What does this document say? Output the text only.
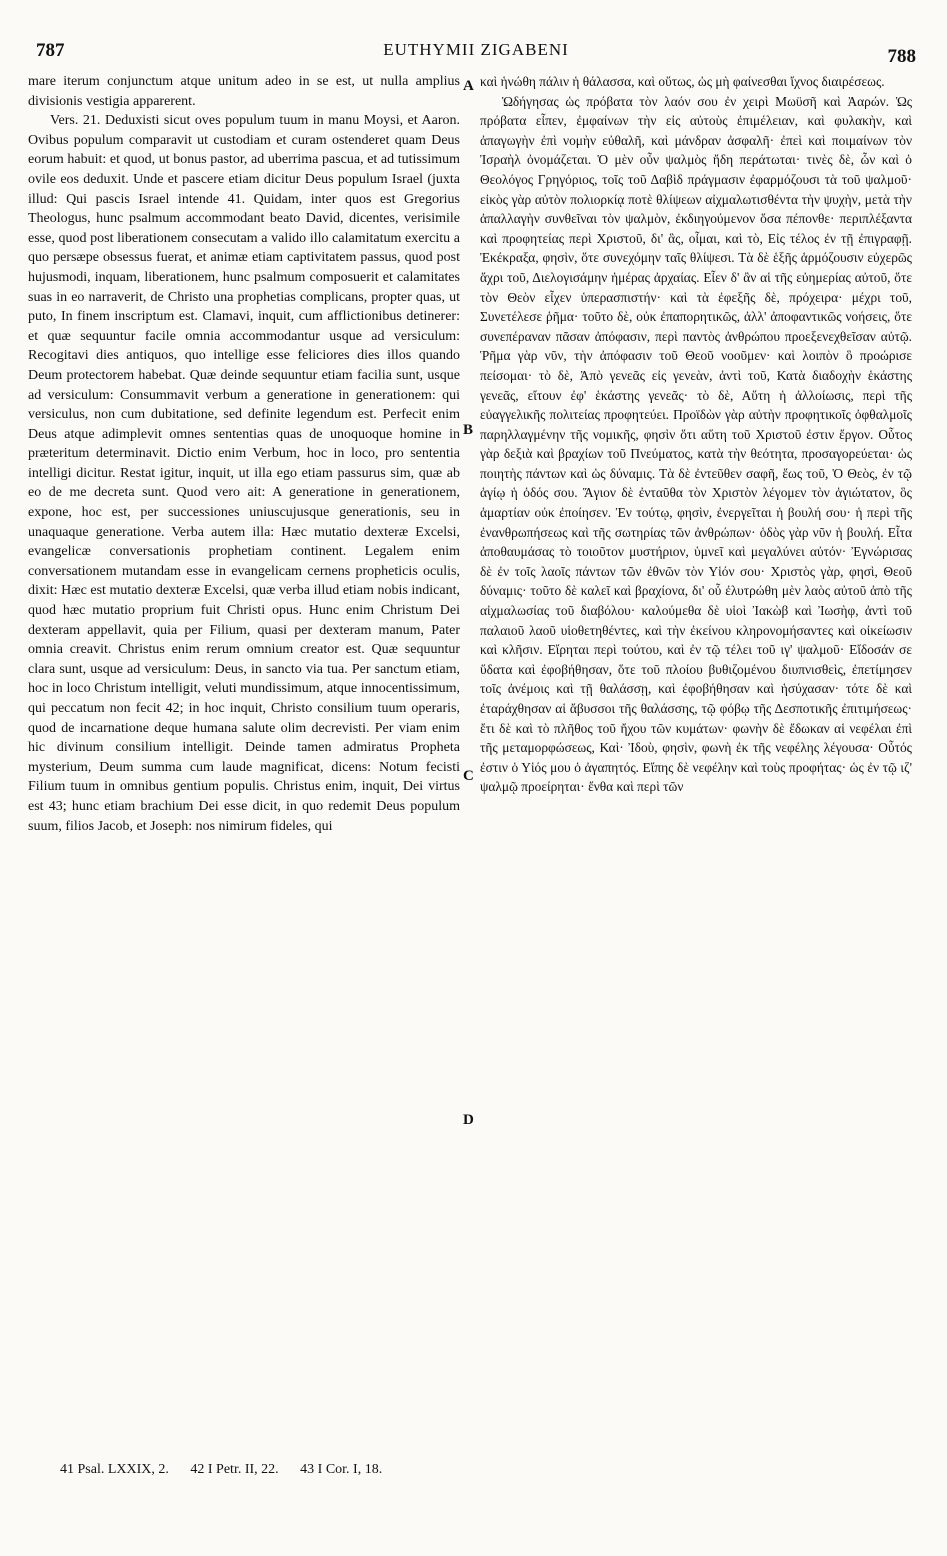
787	EUTHYMII ZIGABENI	788

mare iterum conjunctum atque unitum adeo in se est, ut nulla amplius divisionis vestigia apparerent.

Vers. 21. Deduxisti sicut oves populum tuum in manu Moysi, et Aaron. Ovibus populum comparavit ut custodiam et curam ostenderet quam Deus eorum habuit: et quod, ut bonus pastor, ad uberrima pascua, et ad tutissimum ovile eos deduxit. Unde et pascere etiam dicitur Deus populum Israel (juxta illud: Qui pascis Israel intende 41. Quidam, inter quos est Gregorius Theologus, hunc psalmum accommodant beato David, dicentes, verisimile esse, quod post liberationem consecutam a valido illo calamitatum exercitu a quo persæpe obsessus fuerat, et animæ etiam captivitatem passus, quod post hujusmodi, inquam, liberationem, hunc psalmum composuerit et calamitates suas in eo narraverit, de Christo una prophetias complicans, propter quas, ut puto, In finem inscriptum est. Clamavi, inquit, cum afflictionibus detinerer: et quæ sequuntur facile omnia accommodantur usque ad versiculum: Recogitavi dies antiquos, quo intellige esse feliciores dies illos quando Deum protectorem habebat. Quæ deinde sequuntur etiam facilia sunt, usque ad versiculum: Consummavit verbum a generatione in generationem: qui versiculus, non cum dubitatione, sed definite legendum est. Perfecit enim Deus atque adimplevit omnes sententias quas de unoquoque homine in præteritum determinavit. Dictio enim Verbum, hoc in loco, pro sententia intelligi dicitur. Restat igitur, inquit, ut illa ego etiam passurus sim, quæ ab eo de me decreta sunt. Quod vero ait: A generatione in generationem, expone, hoc est, per successiones uniuscujusque generationis, seu in unaquaque generatione. Verba autem illa: Hæc mutatio dexteræ Excelsi, evangelicæ conversationis prophetiam continent. Legalem enim conversationem mutandam esse in evangelicam cernens propheticis oculis, dixit: Hæc est mutatio dexteræ Excelsi, quæ verba illud etiam nobis indicant, quod hæc mutatio proprium fuit Christi opus. Hunc enim Christum Dei dexteram appellavit, quia per Filium, quasi per dexteram manum, Pater omnia creavit. Christus enim rerum omnium creator est. Quæ sequuntur clara sunt, usque ad versiculum: Deus, in sancto via tua. Per sanctum etiam, hoc in loco Christum intelligit, veluti mundissimum, atque innocentissimum, qui peccatum non fecit 42; in hoc inquit, Christo consilium tuum operaris, quod de incarnatione deque humana salute olim decrevisti. Per viam enim hic divinum consilium intelligit. Deinde tamen admiratus Propheta mysterium, Deum summa cum laude magnificat, dicens: Notum fecisti Filium tuum in omnibus gentium populis. Christus enim, inquit, Dei virtus est 43; hunc etiam brachium Dei esse dicit, in quo redemit Deus populum suum, filios Jacob, et Joseph: nos nimirum fideles, qui

A
B
C
D

καὶ ἡνώθη πάλιν ἡ θάλασσα, καὶ οὕτως, ὡς μὴ φαίνεσθαι ἴχνος διαιρέσεως.

Ὡδήγησας ὡς πρόβατα τὸν λαόν σου ἐν χειρὶ Μωϋσῆ καὶ Ἀαρών. Ὡς πρόβατα εἶπεν, ἐμφαίνων τὴν εἰς αὐτοὺς ἐπιμέλειαν, καὶ φυλακὴν, καὶ ἀπαγωγὴν ἐπὶ νομὴν εὐθαλῆ, καὶ μάνδραν ἀσφαλῆ· ἐπεὶ καὶ ποιμαίνων τὸν Ἰσραὴλ ὀνομάζεται. Ὁ μὲν οὖν ψαλμὸς ἤδη περάτωται· τινὲς δὲ, ὧν καὶ ὁ Θεολόγος Γρηγόριος, τοῖς τοῦ Δαβὶδ πράγμασιν ἐφαρμόζουσι τὰ τοῦ ψαλμοῦ· εἰκὸς γὰρ αὐτὸν πολιορκίᾳ ποτὲ θλίψεων αἰχμαλωτισθέντα τὴν ψυχὴν, μετὰ τὴν ἀπαλλαγὴν συνθεῖναι τὸν ψαλμὸν, ἐκδιηγούμενον ὅσα πέπονθε· περιπλέξαντα καὶ προφητείας περὶ Χριστοῦ, δι' ἃς, οἶμαι, καὶ τὸ, Εἰς τέλος ἐν τῇ ἐπιγραφῇ. Ἐκέκραξα, φησὶν, ὅτε συνεχόμην ταῖς θλίψεσι. Τὰ δὲ ἑξῆς ἁρμόζουσιν εὐχερῶς ἄχρι τοῦ, Διελογισάμην ἡμέρας ἀρχαίας. Εἶεν δ' ἂν αἱ τῆς εὐημερίας αὐτοῦ, ὅτε τὸν Θεὸν εἶχεν ὑπερασπιστήν· καὶ τὰ ἐφεξῆς δὲ, πρόχειρα· μέχρι τοῦ, Συνετέλεσε ῥῆμα· τοῦτο δὲ, οὐκ ἐπαπορητικῶς, ἀλλ' ἀποφαντικῶς νοήσεις, ὅτε συνεπέραναν πᾶσαν ἀπόφασιν, περὶ παντὸς ἀνθρώπου προεξενεχθεῖσαν αὐτῷ. Ῥῆμα γὰρ νῦν, τὴν ἀπόφασιν τοῦ Θεοῦ νοοῦμεν· καὶ λοιπὸν ὃ προώρισε πείσομαι· τὸ δὲ, Ἀπὸ γενεᾶς εἰς γενεὰν, ἀντὶ τοῦ, Κατὰ διαδοχὴν ἑκάστης γενεᾶς, εἴτουν ἐφ' ἑκάστης γενεᾶς· τὸ δὲ, Αὕτη ἡ ἀλλοίωσις, περὶ τῆς εὐαγγελικῆς πολιτείας προφητεύει. Προϊδὼν γὰρ αὐτὴν προφητικοῖς ὀφθαλμοῖς παρηλλαγμένην τῆς νομικῆς, φησὶν ὅτι αὕτη τοῦ Χριστοῦ ἐστιν ἔργον. Οὗτος γὰρ δεξιὰ καὶ βραχίων τοῦ Πνεύματος, κατὰ τὴν θεότητα, προσαγορεύεται· ὡς ποιητὴς πάντων καὶ ὡς δύναμις. Τὰ δὲ ἐντεῦθεν σαφῆ, ἕως τοῦ, Ὁ Θεὸς, ἐν τῷ ἁγίῳ ἡ ὁδός σου. Ἅγιον δὲ ἐνταῦθα τὸν Χριστὸν λέγομεν τὸν ἁγιώτατον, ὃς ἁμαρτίαν οὐκ ἐποίησεν. Ἐν τούτῳ, φησὶν, ἐνεργεῖται ἡ βουλή σου· ἡ περὶ τῆς ἐνανθρωπήσεως καὶ τῆς σωτηρίας τῶν ἀνθρώπων· ὁδὸς γὰρ νῦν ἡ βουλή. Εἶτα ἀποθαυμάσας τὸ τοιοῦτον μυστήριον, ὑμνεῖ καὶ μεγαλύνει αὐτόν· Ἐγνώρισας δὲ ἐν τοῖς λαοῖς πάντων τῶν ἐθνῶν τὸν Υἱόν σου· Χριστὸς γὰρ, φησὶ, Θεοῦ δύναμις· τοῦτο δὲ καλεῖ καὶ βραχίονα, δι' οὗ ἐλυτρώθη μὲν λαὸς αὐτοῦ ἀπὸ τῆς αἰχμαλωσίας τοῦ διαβόλου· καλούμεθα δὲ υἱοὶ Ἰακὼβ καὶ Ἰωσὴφ, ἀντὶ τοῦ παλαιοῦ λαοῦ υἱοθετηθέντες, καὶ τὴν ἐκείνου κληρονομήσαντες καὶ οἰκείωσιν καὶ κλῆσιν. Εἴρηται περὶ τούτου, καὶ ἐν τῷ τέλει τοῦ ιγ' ψαλμοῦ· Εἴδοσάν σε ὕδατα καὶ ἐφοβήθησαν, ὅτε τοῦ πλοίου βυθιζομένου διυπνισθεὶς, ἐπετίμησεν τοῖς ἀνέμοις καὶ τῇ θαλάσσῃ, καὶ ἐφοβήθησαν καὶ ἡσύχασαν· τότε δὲ καὶ ἐταράχθησαν αἱ ἄβυσσοι τῆς θαλάσσης, τῷ φόβῳ τῆς Δεσποτικῆς ἐπιτιμήσεως· ἔτι δὲ καὶ τὸ πλῆθος τοῦ ἤχου τῶν κυμάτων· φωνὴν δὲ ἔδωκαν αἱ νεφέλαι ἐπὶ τῆς μεταμορφώσεως, Καὶ· Ἰδοὺ, φησὶν, φωνὴ ἐκ τῆς νεφέλης λέγουσα· Οὗτός ἐστιν ὁ Υἱός μου ὁ ἀγαπητός. Εἴπης δὲ νεφέλην καὶ τοὺς προφήτας· ὡς ἐν τῷ ιζ' ψαλμῷ προείρηται· ἔνθα καὶ περὶ τῶν

41 Psal. LXXIX, 2. 42 I Petr. II, 22. 43 I Cor. I, 18.
